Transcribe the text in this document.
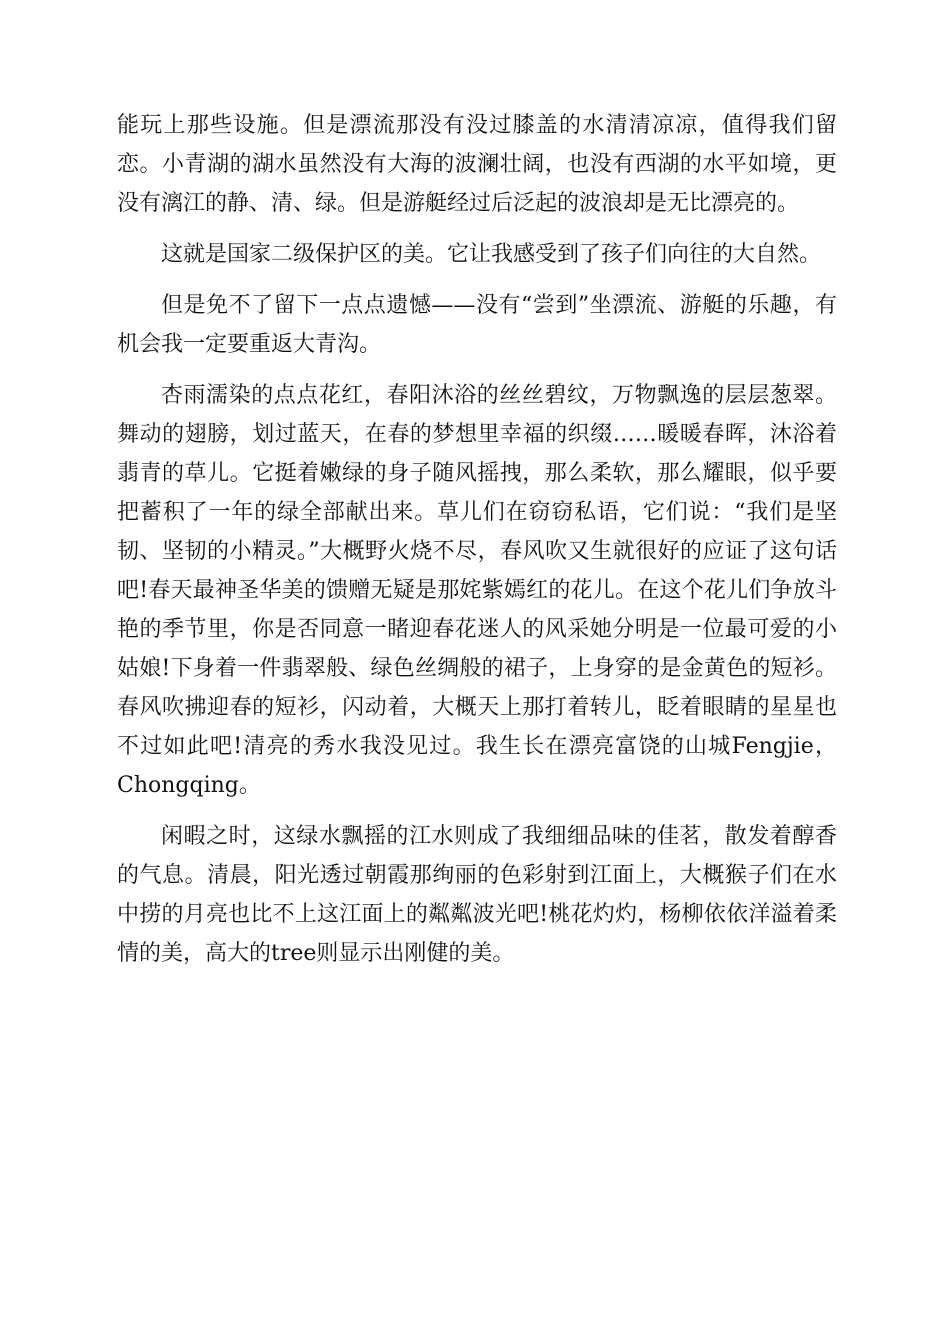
能玩上那些设施。但是漂流那没有没过膝盖的水清清凉凉，值得我们留恋。小青湖的湖水虽然没有大海的波澜壮阔，也没有西湖的水平如境，更没有漓江的静、清、绿。但是游艇经过后泛起的波浪却是无比漂亮的。

这就是国家二级保护区的美。它让我感受到了孩子们向往的大自然。

但是免不了留下一点点遗憾——没有“尝到”坐漂流、游艇的乐趣，有机会我一定要重返大青沟。

杏雨濡染的点点花红，春阳沐浴的丝丝碧纹，万物飘逸的层层葱翠。舞动的翅膀，划过蓝天，在春的梦想里幸福的织缀……暖暖春晖，沐浴着翡青的草儿。它挺着嫩绿的身子随风摇拽，那么柔软，那么耀眼，似乎要把蓄积了一年的绿全部献出来。草儿们在窃窃私语，它们说：“我们是坚韧、坚韧的小精灵。”大概野火烧不尽，春风吹又生就很好的应证了这句话吧!春天最神圣华美的馈赠无疑是那姹紫嫣红的花儿。在这个花儿们争放斗艳的季节里，你是否同意一睹迎春花迷人的风采她分明是一位最可爱的小姑娘!下身着一件翡翠般、绿色丝绸般的裙子，上身穿的是金黄色的短衫。春风吹拂迎春的短衫，闪动着，大概天上那打着转儿，眨着眼睛的星星也不过如此吧!清亮的秀水我没见过。我生长在漂亮富饶的山城Fengjie，Chongqing。

闲暇之时，这绿水飘摇的江水则成了我细细品味的佳茗，散发着醇香的气息。清晨，阳光透过朝霞那绚丽的色彩射到江面上，大概猴子们在水中捞的月亮也比不上这江面上的粼粼波光吧!桃花灼灼，杨柳依依洋溢着柔情的美，高大的tree则显示出刚健的美。
